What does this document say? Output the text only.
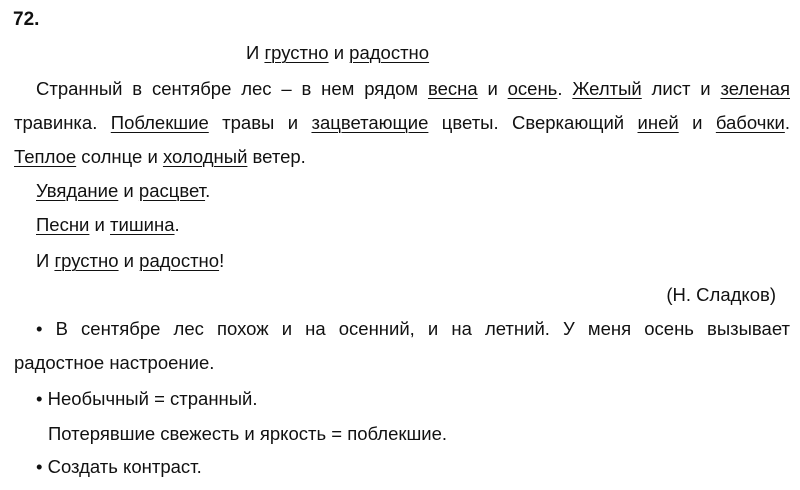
72.
И грустно и радостно
Странный в сентябре лес – в нем рядом весна и осень. Желтый лист и зеленая
травинка. Поблекшие травы и зацветающие цветы. Сверкающий иней и бабочки.
Теплое солнце и холодный ветер.
Увядание и расцвет.
Песни и тишина.
И грустно и радостно!
(Н. Сладков)
• В сентябре лес похож и на осенний, и на летний. У меня осень вызывает
радостное настроение.
• Необычный = странный.
Потерявшие свежесть и яркость = поблекшие.
• Создать контраст.
